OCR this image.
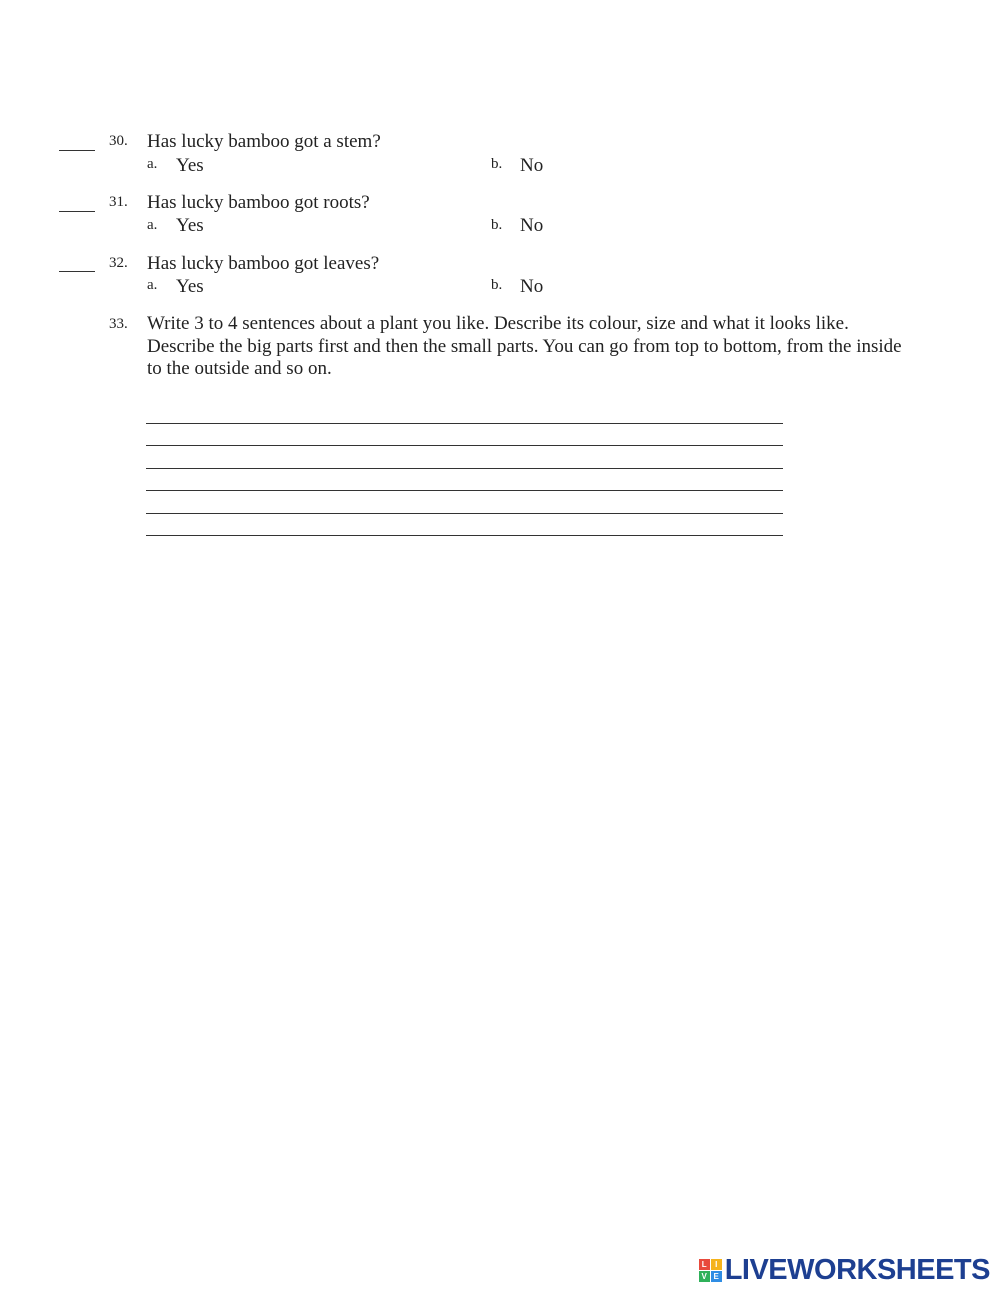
30. Has lucky bamboo got a stem?
a. Yes	b. No
31. Has lucky bamboo got roots?
a. Yes	b. No
32. Has lucky bamboo got leaves?
a. Yes	b. No
33. Write 3 to 4 sentences about a plant you like. Describe its colour, size and what it looks like.
Describe the big parts first and then the small parts. You can go from top to bottom, from the inside
to the outside and so on.
L	I
V E LIVEWORKSHEETS
